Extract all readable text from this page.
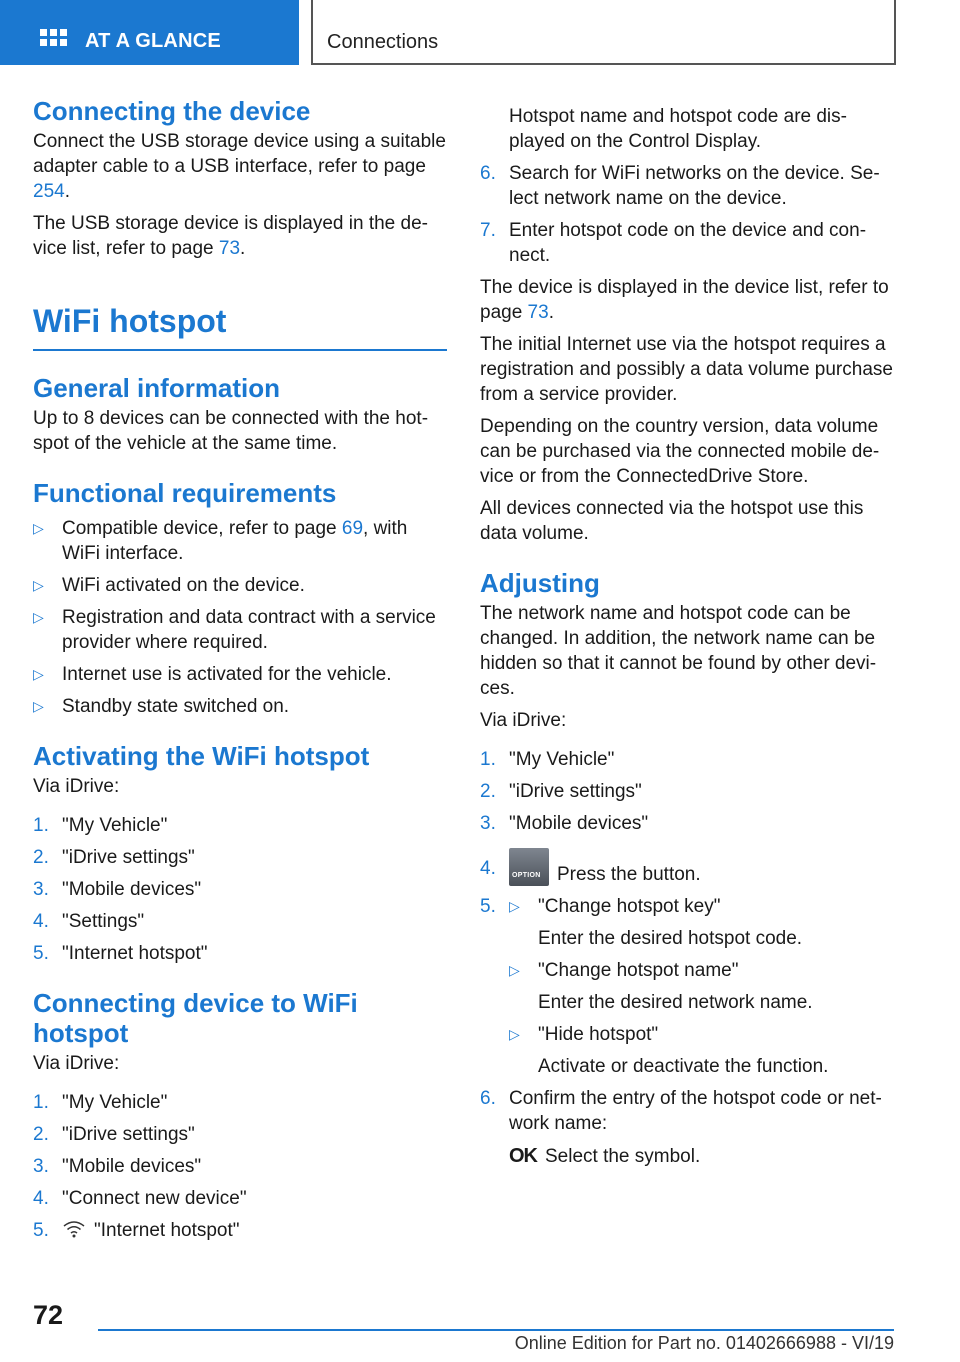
AT A GLANCE	Connections
Connecting the device

Connect the USB storage device using a suitable adapter cable to a USB interface, refer to page 254.

The USB storage device is displayed in the de‐vice list, refer to page 73.

WiFi hotspot
General information

Up to 8 devices can be connected with the hot‐spot of the vehicle at the same time.

Functional requirements
▷ Compatible device, refer to page 69, with WiFi interface.
▷ WiFi activated on the device.
▷ Registration and data contract with a service provider where required.
▷ Internet use is activated for the vehicle.
▷ Standby state switched on.
Activating the WiFi hotspot

Via iDrive:

1. "My Vehicle"
2. "iDrive settings"
3. "Mobile devices"
4. "Settings"
5. "Internet hotspot"
Connecting device to WiFi hotspot

Via iDrive:

1. "My Vehicle"
2. "iDrive settings"
3. "Mobile devices"
4. "Connect new device"
5. "Internet hotspot"

Hotspot name and hotspot code are dis‐played on the Control Display.

6. Search for WiFi networks on the device. Se‐lect network name on the device.
7. Enter hotspot code on the device and con‐nect.

The device is displayed in the device list, refer to page 73.

The initial Internet use via the hotspot requires a registration and possibly a data volume purchase from a service provider.

Depending on the country version, data volume can be purchased via the connected mobile de‐vice or from the ConnectedDrive Store.

All devices connected via the hotspot use this data volume.

Adjusting

The network name and hotspot code can be changed. In addition, the network name can be hidden so that it cannot be found by other devi‐ces.

Via iDrive:

1. "My Vehicle"
2. "iDrive settings"
3. "Mobile devices"
4. OPTION Press the button.
5. ▷ "Change hotspot key"
Enter the desired hotspot code.
▷ "Change hotspot name"
Enter the desired network name.
▷ "Hide hotspot"
Activate or deactivate the function.
6. Confirm the entry of the hotspot code or net‐work name:
OK Select the symbol.
72
Online Edition for Part no. 01402666988 - VI/19
